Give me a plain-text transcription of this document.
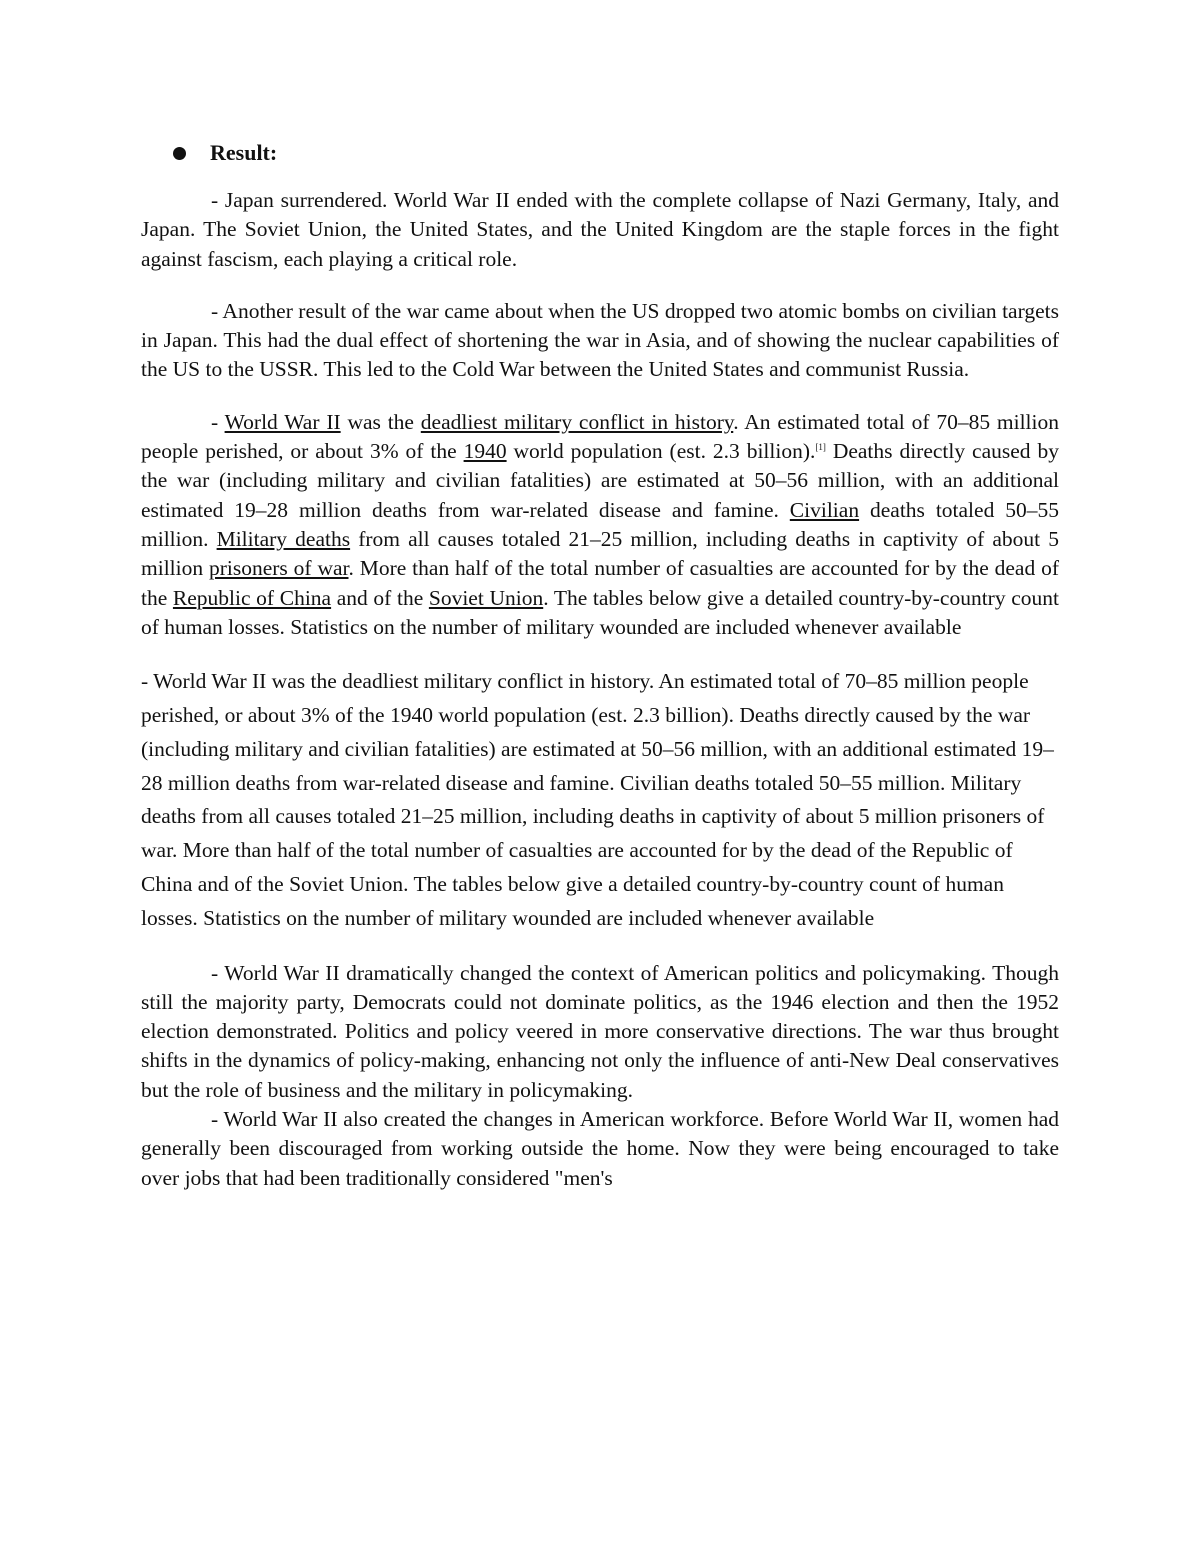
Result:

- Japan surrendered. World War II ended with the complete collapse of Nazi Germany, Italy, and Japan. The Soviet Union, the United States, and the United Kingdom are the staple forces in the fight against fascism, each playing a critical role.

- Another result of the war came about when the US dropped two atomic bombs on civilian targets in Japan. This had the dual effect of shortening the war in Asia, and of showing the nuclear capabilities of the US to the USSR. This led to the Cold War between the United States and communist Russia.

- World War II was the deadliest military conflict in history. An estimated total of 70–85 million people perished, or about 3% of the 1940 world population (est. 2.3 billion).[1] Deaths directly caused by the war (including military and civilian fatalities) are estimated at 50–56 million, with an additional estimated 19–28 million deaths from war-related disease and famine. Civilian deaths totaled 50–55 million. Military deaths from all causes totaled 21–25 million, including deaths in captivity of about 5 million prisoners of war. More than half of the total number of casualties are accounted for by the dead of the Republic of China and of the Soviet Union. The tables below give a detailed country-by-country count of human losses. Statistics on the number of military wounded are included whenever available

- World War II was the deadliest military conflict in history. An estimated total of 70–85 million people perished, or about 3% of the 1940 world population (est. 2.3 billion). Deaths directly caused by the war (including military and civilian fatalities) are estimated at 50–56 million, with an additional estimated 19–28 million deaths from war-related disease and famine. Civilian deaths totaled 50–55 million. Military deaths from all causes totaled 21–25 million, including deaths in captivity of about 5 million prisoners of war. More than half of the total number of casualties are accounted for by the dead of the Republic of China and of the Soviet Union. The tables below give a detailed country-by-country count of human losses. Statistics on the number of military wounded are included whenever available

- World War II dramatically changed the context of American politics and policymaking. Though still the majority party, Democrats could not dominate politics, as the 1946 election and then the 1952 election demonstrated. Politics and policy veered in more conservative directions. The war thus brought shifts in the dynamics of policy-making, enhancing not only the influence of anti-New Deal conservatives but the role of business and the military in policymaking.

- World War II also created the changes in American workforce. Before World War II, women had generally been discouraged from working outside the home. Now they were being encouraged to take over jobs that had been traditionally considered "men's
